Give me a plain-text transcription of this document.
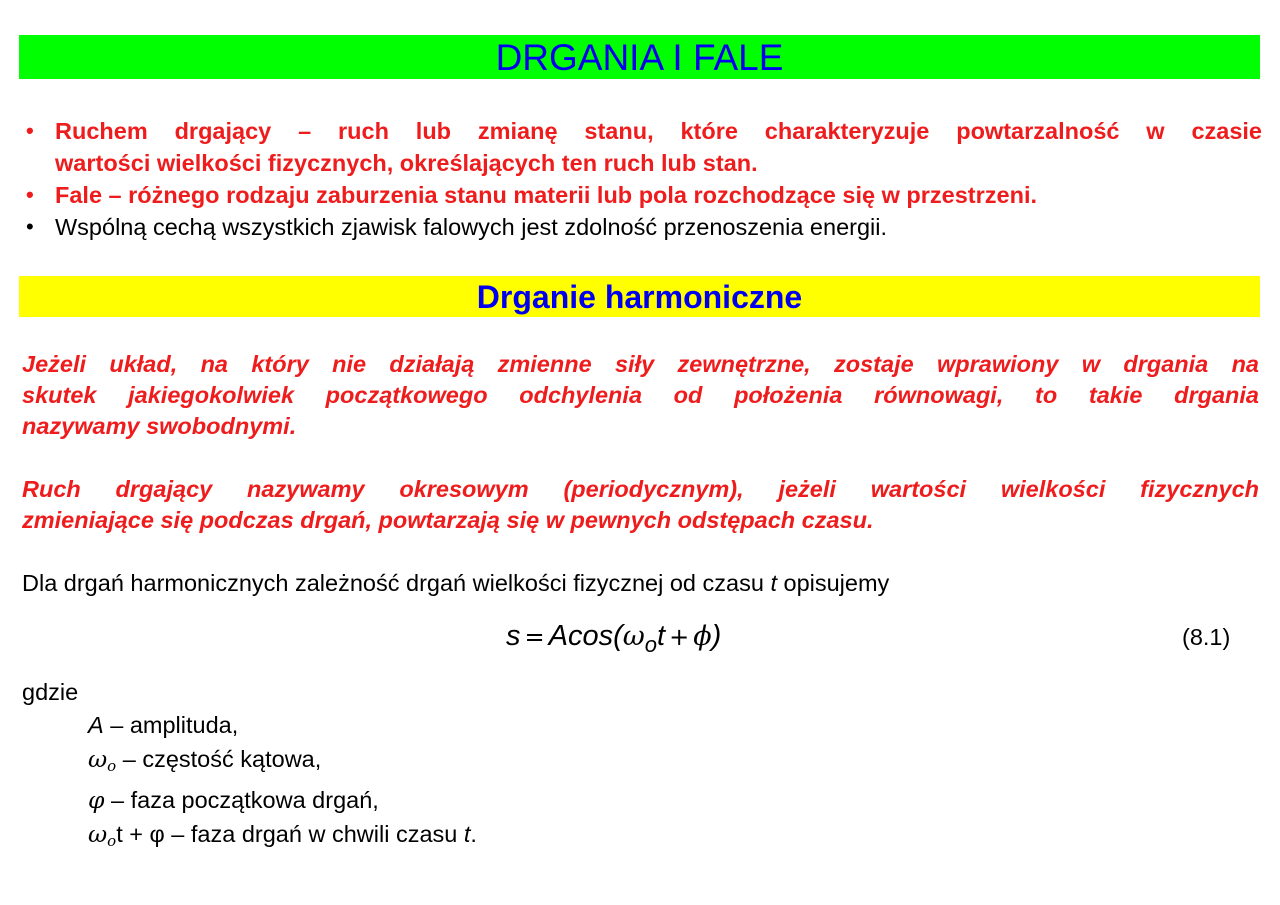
DRGANIA I FALE
• Ruchem drgający – ruch lub zmianę stanu, które charakteryzuje powtarzalność w czasie
wartości wielkości fizycznych, określających ten ruch lub stan.
• Fale – różnego rodzaju zaburzenia stanu materii lub pola rozchodzące się w przestrzeni.
• Wspólną cechą wszystkich zjawisk falowych jest zdolność przenoszenia energii.
Drganie harmoniczne
Jeżeli układ, na który nie działają zmienne siły zewnętrzne, zostaje wprawiony w drgania na
skutek jakiegokolwiek początkowego odchylenia od położenia równowagi, to takie drgania
nazywamy swobodnymi.
Ruch drgający nazywamy okresowym (periodycznym), jeżeli wartości wielkości fizycznych
zmieniające się podczas drgań, powtarzają się w pewnych odstępach czasu.
Dla drgań harmonicznych zależność drgań wielkości fizycznej od czasu t opisujemy
$s = Acos(\omega_ot + \phi)$	(8.1)
gdzie
A – amplituda,
$\omega_o$ – częstość kątowa,
φ – faza początkowa drgań,
$\omega_ot + \varphi$ – faza drgań w chwili czasu t.
